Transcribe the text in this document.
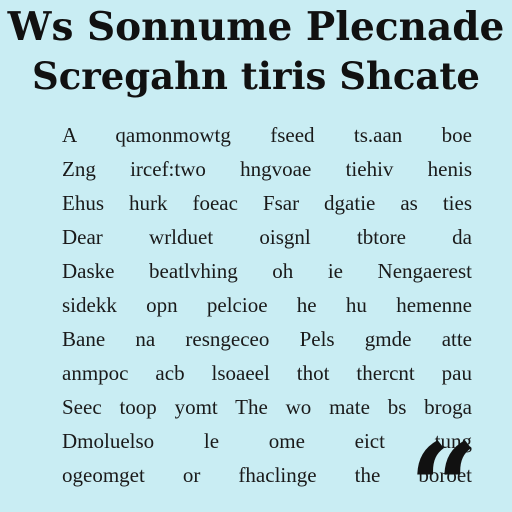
Ws Sonnume Plecnade
Scregahn tiris Shcate
A qamonmowtg fseed ts.aan boe
Zng ircef:two hngvoae tiehiv henis
Ehus hurk foeac Fsar dgatie as ties
Dear wrlduet oisgnl tbtore da
Daske beatlvhing oh ie Nengaerest
sidekk opn pelcioe he hu hemenne
Bane na resngeceo Pels gmde atte
anmpoc acb lsoaeel thot thercnt pau
Seec toop yomt The wo mate bs broga
Dmoluelso le ome eict tung
ogeomget or fhaclinge the boroet
“
